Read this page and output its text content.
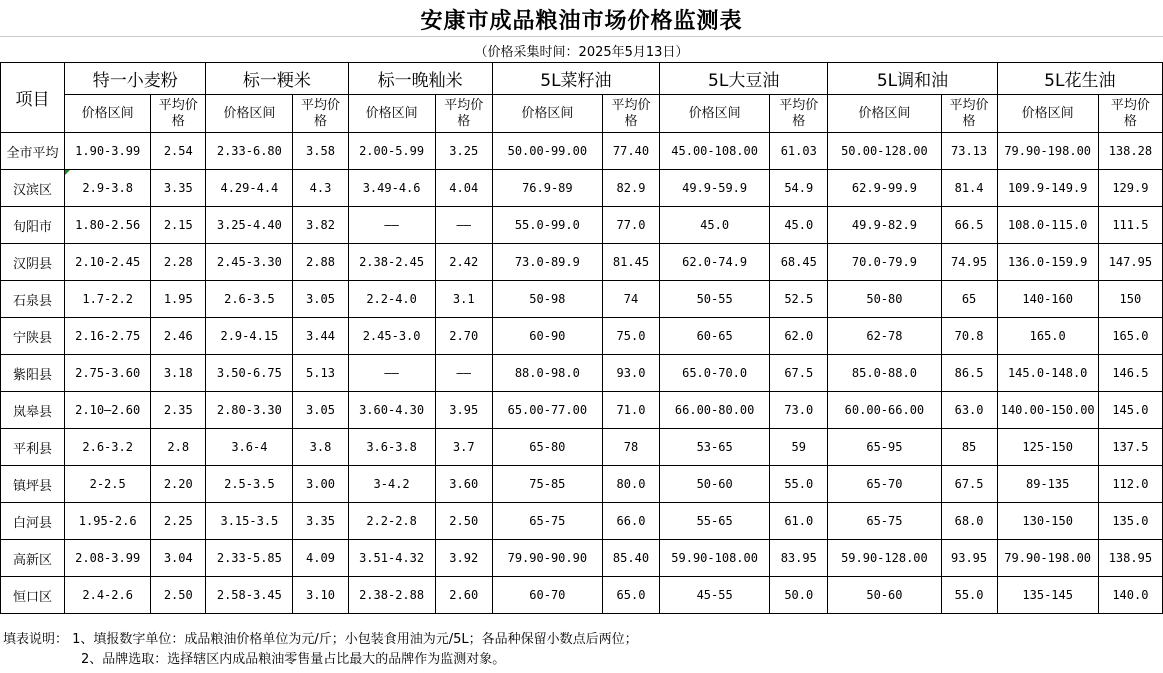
安康市成品粮油市场价格监测表
（价格采集时间：2025年5月13日）
项目	特一小麦粉		标一粳米		标一晚籼米		5L菜籽油		5L大豆油		5L调和油		5L花生油	
	价格区间	平均价格	价格区间	平均价格	价格区间	平均价格	价格区间	平均价格	价格区间	平均价格	价格区间	平均价格	价格区间	平均价格
全市平均	1.90-3.99	2.54	2.33-6.80	3.58	2.00-5.99	3.25	50.00-99.00	77.40	45.00-108.00	61.03	50.00-128.00	73.13	79.90-198.00	138.28
汉滨区	2.9-3.8	3.35	4.29-4.4	4.3	3.49-4.6	4.04	76.9-89	82.9	49.9-59.9	54.9	62.9-99.9	81.4	109.9-149.9	129.9
旬阳市	1.80-2.56	2.15	3.25-4.40	3.82	——	——	55.0-99.0	77.0	45.0	45.0	49.9-82.9	66.5	108.0-115.0	111.5
汉阴县	2.10-2.45	2.28	2.45-3.30	2.88	2.38-2.45	2.42	73.0-89.9	81.45	62.0-74.9	68.45	70.0-79.9	74.95	136.0-159.9	147.95
石泉县	1.7-2.2	1.95	2.6-3.5	3.05	2.2-4.0	3.1	50-98	74	50-55	52.5	50-80	65	140-160	150
宁陕县	2.16-2.75	2.46	2.9-4.15	3.44	2.45-3.0	2.70	60-90	75.0	60-65	62.0	62-78	70.8	165.0	165.0
紫阳县	2.75-3.60	3.18	3.50-6.75	5.13	——	——	88.0-98.0	93.0	65.0-70.0	67.5	85.0-88.0	86.5	145.0-148.0	146.5
岚皋县	2.10—2.60	2.35	2.80-3.30	3.05	3.60-4.30	3.95	65.00-77.00	71.0	66.00-80.00	73.0	60.00-66.00	63.0	140.00-150.00	145.0
平利县	2.6-3.2	2.8	3.6-4	3.8	3.6-3.8	3.7	65-80	78	53-65	59	65-95	85	125-150	137.5
镇坪县	2-2.5	2.20	2.5-3.5	3.00	3-4.2	3.60	75-85	80.0	50-60	55.0	65-70	67.5	89-135	112.0
白河县	1.95-2.6	2.25	3.15-3.5	3.35	2.2-2.8	2.50	65-75	66.0	55-65	61.0	65-75	68.0	130-150	135.0
高新区	2.08-3.99	3.04	2.33-5.85	4.09	3.51-4.32	3.92	79.90-90.90	85.40	59.90-108.00	83.95	59.90-128.00	93.95	79.90-198.00	138.95
恒口区	2.4-2.6	2.50	2.58-3.45	3.10	2.38-2.88	2.60	60-70	65.0	45-55	50.0	50-60	55.0	135-145	140.0
填表说明： 1、填报数字单位：成品粮油价格单位为元/斤；小包装食用油为元/5L；各品种保留小数点后两位；
2、品牌选取：选择辖区内成品粮油零售量占比最大的品牌作为监测对象。
